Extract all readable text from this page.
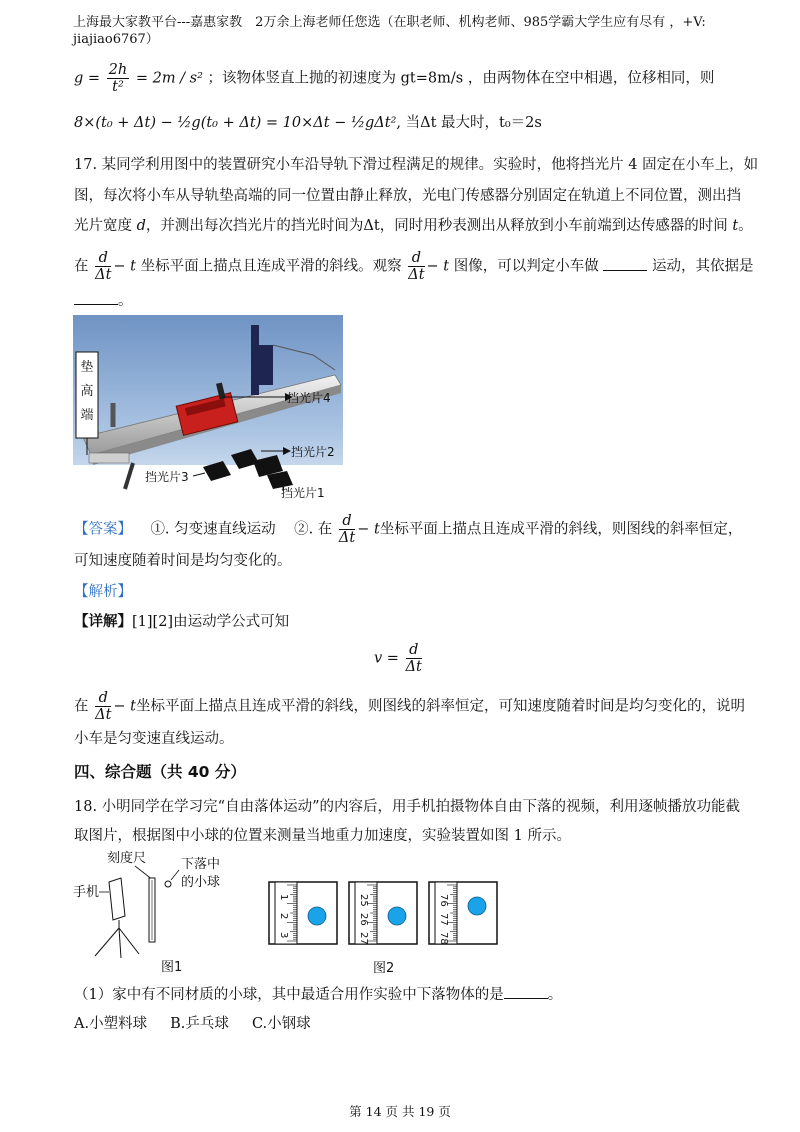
上海最大家教平台---嘉惠家教　2万余上海老师任您选（在职老师、机构老师、985学霸大学生应有尽有 ，+V:
jiajiao6767）
$g = \frac{2h}{\text{t²}} = 2m / s^2$ ；该物体竖直上抛的初速度为 gt=8m/s ，由两物体在空中相遇，位移相同，则
8×(t₀ + Δt) − ½g(t₀ + Δt) = 10×Δt − ½gΔt², 当Δt 最大时，t₀＝2s
17. 某同学利用图中的装置研究小车沿导轨下滑过程满足的规律。实验时，他将挡光片 4 固定在小车上，如
图，每次将小车从导轨垫高端的同一位置由静止释放，光电门传感器分别固定在轨道上不同位置，测出挡
光片宽度 d，并测出每次挡光片的挡光时间为Δt，同时用秒表测出从释放到小车前端到达传感器的时间 t。
在 $\frac{d}{\Delta t} - t$ 坐标平面上描点且连成平滑的斜线。观察 $\frac{d}{\Delta t} - t$ 图像，可以判定小车做	运动，其依据是
。
垫
高
端
挡光片4
挡光片2
挡光片3
挡光片1
【答案】 ①. 匀变速直线运动 ②. 在 $\frac{d}{\Delta t} - t$坐标平面上描点且连成平滑的斜线，则图线的斜率恒定，
可知速度随着时间是均匀变化的。
【解析】
【详解】[1][2]由运动学公式可知
$v = \frac{d}{\Delta t}$
在 $\frac{d}{\Delta t} - t$坐标平面上描点且连成平滑的斜线，则图线的斜率恒定，可知速度随着时间是均匀变化的，说明
小车是匀变速直线运动。
四、综合题（共 40 分）
18. 小明同学在学习完“自由落体运动”的内容后，用手机拍摄物体自由下落的视频，利用逐帧播放功能截
取图片，根据图中小球的位置来测量当地重力加速度，实验装置如图 1 所示。
刻度尺	下落中
的小球
手机
图1
1
2
3
25
26
27
76
77
78
图2
（1）家中有不同材质的小球，其中最适合用作实验中下落物体的是	。
A.小塑料球 B.乒乓球 C.小钢球
第 14 页 共 19 页
